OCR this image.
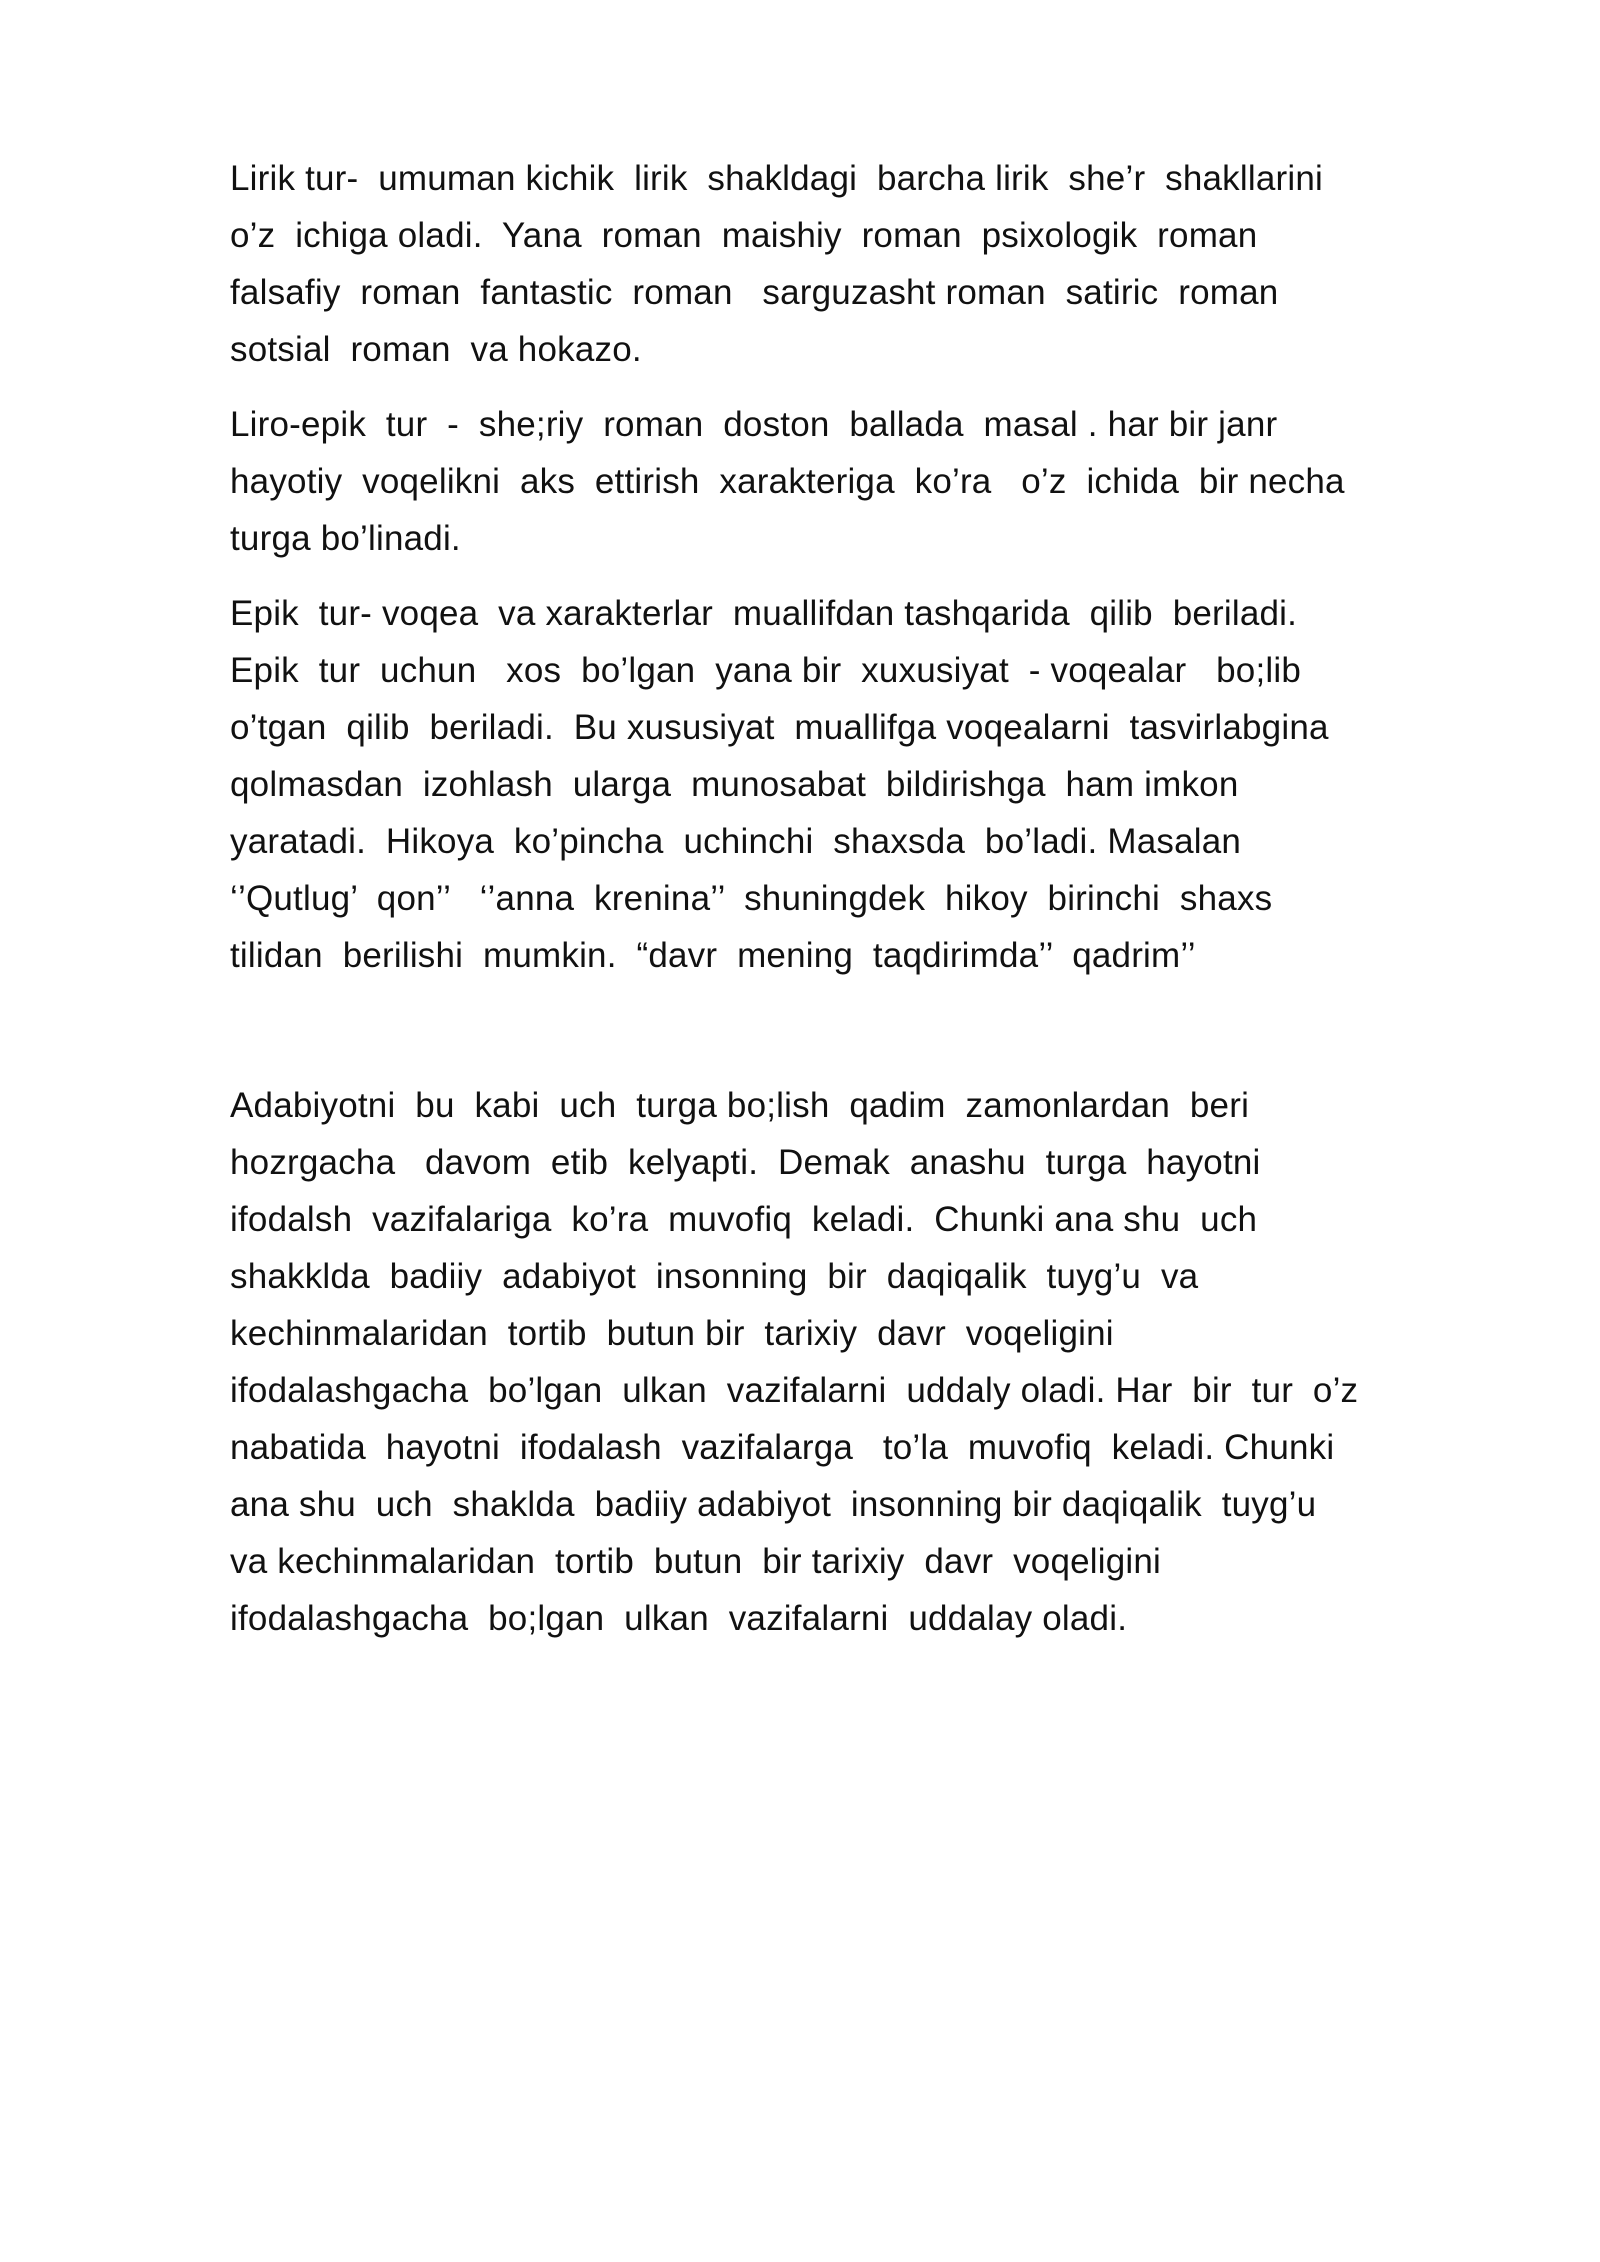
Lirik tur-  umuman kichik  lirik  shakldagi  barcha lirik  she’r  shakllarini
o’z  ichiga oladi.  Yana  roman  maishiy  roman  psixologik  roman
falsafiy  roman  fantastic  roman   sarguzasht roman  satiric  roman
sotsial  roman  va hokazo.

Liro-epik  tur  -  she;riy  roman  doston  ballada  masal . har bir janr
hayotiy  voqelikni  aks  ettirish  xarakteriga  ko’ra   o’z  ichida  bir necha
turga bo’linadi.

Epik  tur- voqea  va xarakterlar  muallifdan tashqarida  qilib  beriladi.
Epik  tur  uchun   xos  bo’lgan  yana bir  xuxusiyat  - voqealar   bo;lib
o’tgan  qilib  beriladi.  Bu xususiyat  muallifga voqealarni  tasvirlabgina
qolmasdan  izohlash  ularga  munosabat  bildirishga  ham imkon
yaratadi.  Hikoya  ko’pincha  uchinchi  shaxsda  bo’ladi. Masalan
‘’Qutlug’  qon’’   ‘’anna  krenina’’  shuningdek  hikoy  birinchi  shaxs
tilidan  berilishi  mumkin.  “davr  mening  taqdirimda’’  qadrim’’

Adabiyotni  bu  kabi  uch  turga bo;lish  qadim  zamonlardan  beri
hozrgacha   davom  etib  kelyapti.  Demak  anashu  turga  hayotni
ifodalsh  vazifalariga  ko’ra  muvofiq  keladi.  Chunki ana shu  uch
shakklda  badiiy  adabiyot  insonning  bir  daqiqalik  tuyg’u  va
kechinmalaridan  tortib  butun bir  tarixiy  davr  voqeligini
ifodalashgacha  bo’lgan  ulkan  vazifalarni  uddaly oladi. Har  bir  tur  o’z
nabatida  hayotni  ifodalash  vazifalarga   to’la  muvofiq  keladi. Chunki
ana shu  uch  shaklda  badiiy adabiyot  insonning bir daqiqalik  tuyg’u
va kechinmalaridan  tortib  butun  bir tarixiy  davr  voqeligini
ifodalashgacha  bo;lgan  ulkan  vazifalarni  uddalay oladi.
